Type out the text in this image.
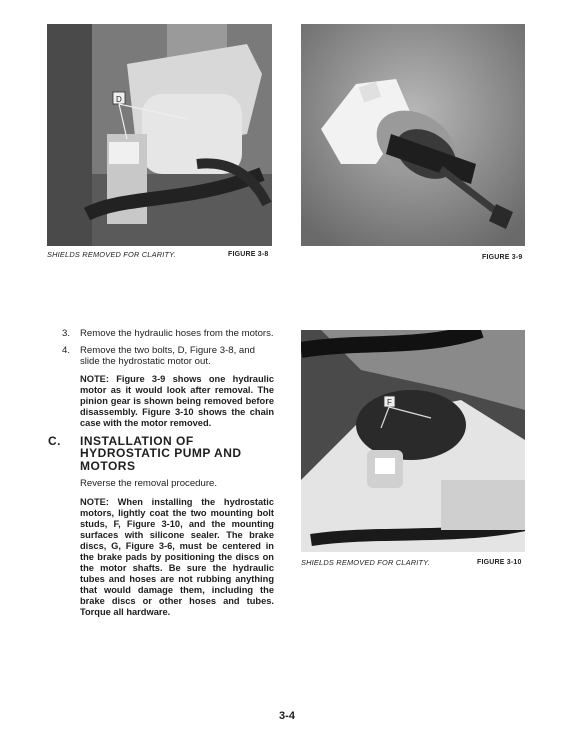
D
SHIELDS REMOVED FOR CLARITY.	FIGURE 3-8	FIGURE 3-9
3. Remove the hydraulic hoses from the motors.
4. Remove the two bolts, D, Figure 3-8, and slide the hydrostatic motor out.
NOTE: Figure 3-9 shows one hydraulic motor as it would look after removal. The pinion gear is shown being removed before disassembly. Figure 3-10 shows the chain case with the motor removed.
C.	INSTALLATION OF HYDROSTATIC PUMP AND MOTORS
Reverse the removal procedure.
NOTE: When installing the hydrostatic motors, lightly coat the two mounting bolt studs, F, Figure 3-10, and the mounting surfaces with silicone sealer. The brake discs, G, Figure 3-6, must be centered in the brake pads by positioning the discs on the motor shafts. Be sure the hydraulic tubes and hoses are not rubbing anything that would damage them, including the brake discs or other hoses and tubes. Torque all hardware.
F
SHIELDS REMOVED FOR CLARITY.	FIGURE 3-10
3-4
